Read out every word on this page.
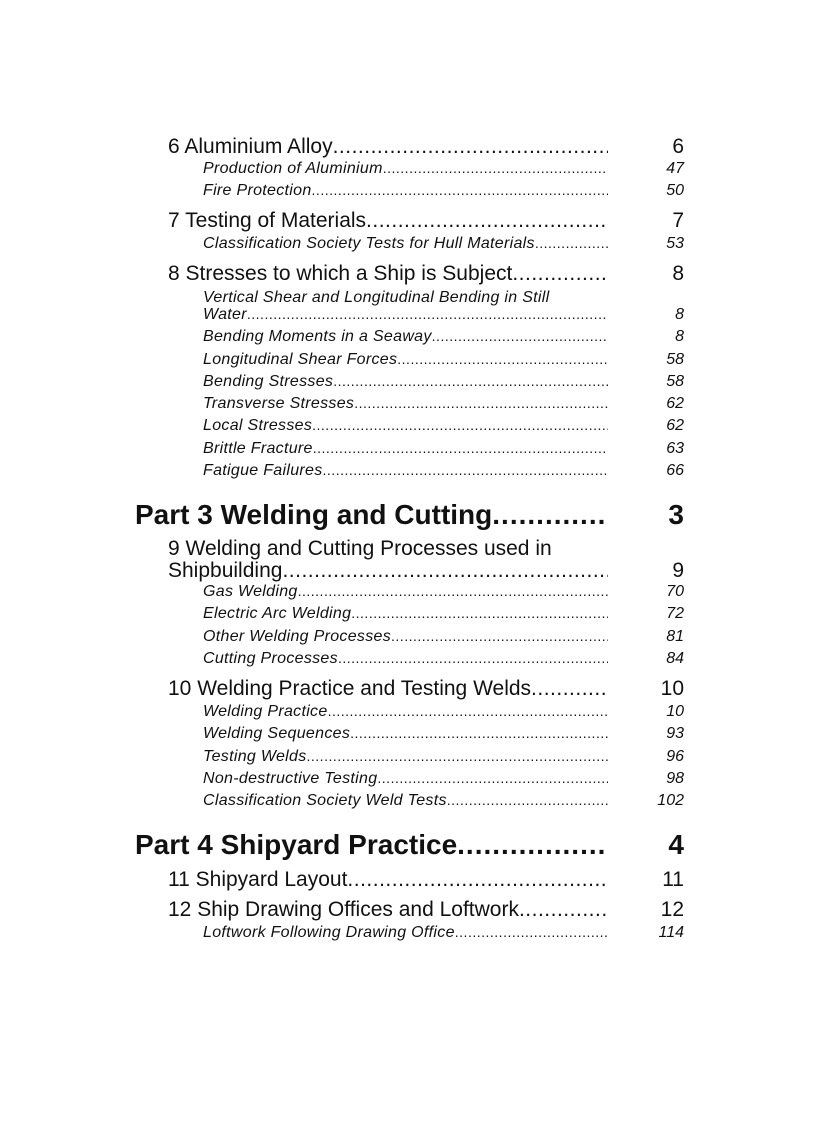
6 Aluminium Alloy .....	6
Production of Aluminium .....	47
Fire Protection .....	50
7 Testing of Materials .....	7
Classification Society Tests for Hull Materials .....	53
8 Stresses to which a Ship is Subject .....	8
Vertical Shear and Longitudinal Bending in Still
Water .....	8
Bending Moments in a Seaway .....	8
Longitudinal Shear Forces .....	58
Bending Stresses .....	58
Transverse Stresses .....	62
Local Stresses .....	62
Brittle Fracture .....	63
Fatigue Failures .....	66
Part 3 Welding and Cutting .....	3
9 Welding and Cutting Processes used in
Shipbuilding .....	9
Gas Welding .....	70
Electric Arc Welding .....	72
Other Welding Processes .....	81
Cutting Processes .....	84
10 Welding Practice and Testing Welds .....	10
Welding Practice .....	10
Welding Sequences .....	93
Testing Welds .....	96
Non-destructive Testing .....	98
Classification Society Weld Tests .....	102
Part 4 Shipyard Practice .....	4
11 Shipyard Layout .....	11
12 Ship Drawing Offices and Loftwork .....	12
Loftwork Following Drawing Office .....	114
